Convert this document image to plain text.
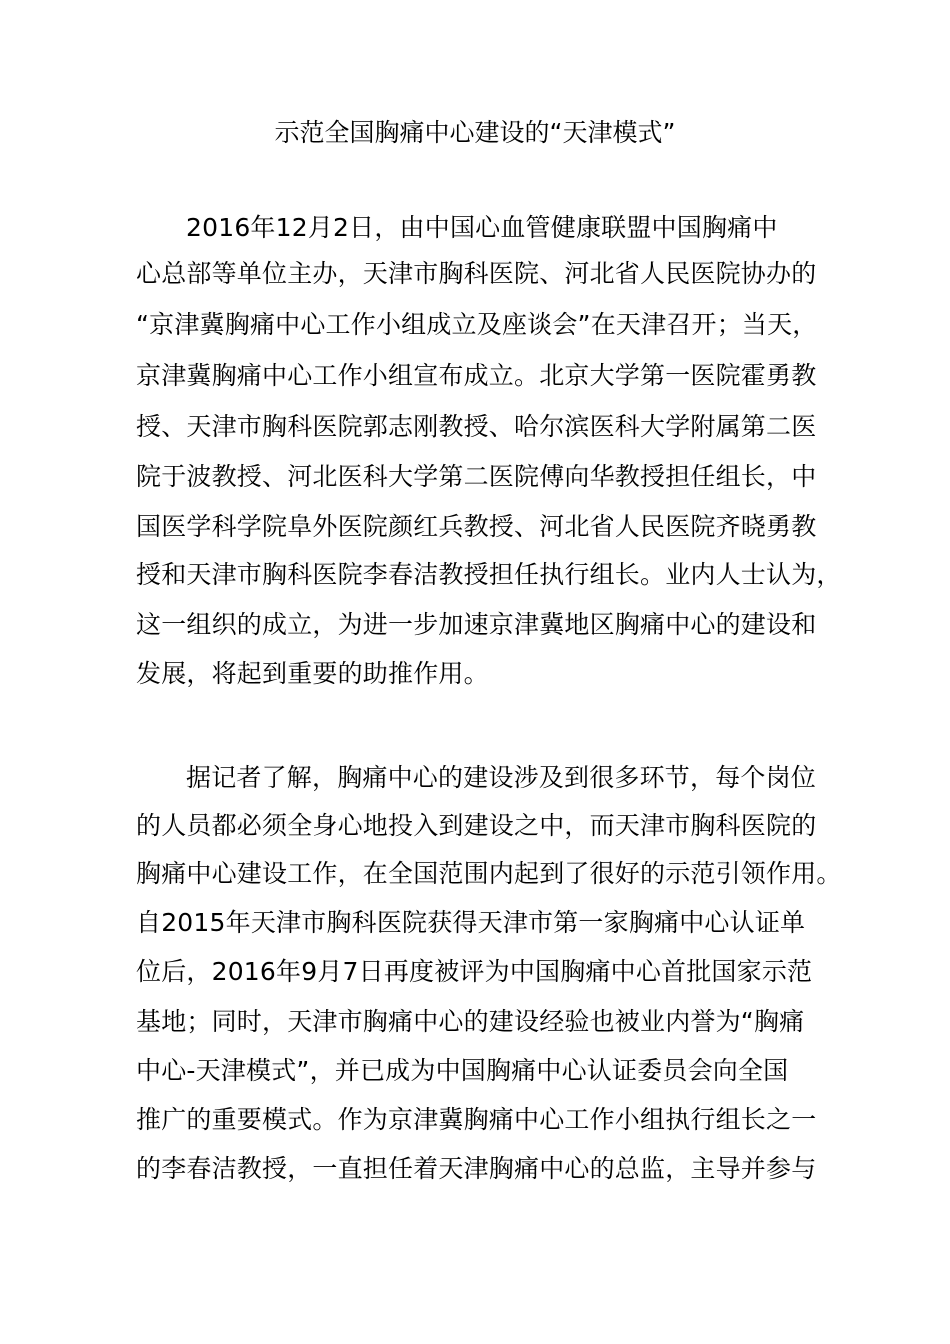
示范全国胸痛中心建设的“天津模式”
2016年12月2日，由中国心血管健康联盟中国胸痛中
心总部等单位主办，天津市胸科医院、河北省人民医院协办的
“京津冀胸痛中心工作小组成立及座谈会”在天津召开；当天，
京津冀胸痛中心工作小组宣布成立。北京大学第一医院霍勇教
授、天津市胸科医院郭志刚教授、哈尔滨医科大学附属第二医
院于波教授、河北医科大学第二医院傅向华教授担任组长，中
国医学科学院阜外医院颜红兵教授、河北省人民医院齐晓勇教
授和天津市胸科医院李春洁教授担任执行组长。业内人士认为，
这一组织的成立，为进一步加速京津冀地区胸痛中心的建设和
发展，将起到重要的助推作用。
据记者了解，胸痛中心的建设涉及到很多环节，每个岗位
的人员都必须全身心地投入到建设之中，而天津市胸科医院的
胸痛中心建设工作，在全国范围内起到了很好的示范引领作用。
自2015年天津市胸科医院获得天津市第一家胸痛中心认证单
位后，2016年9月7日再度被评为中国胸痛中心首批国家示范
基地；同时，天津市胸痛中心的建设经验也被业内誉为“胸痛
中心-天津模式”，并已成为中国胸痛中心认证委员会向全国
推广的重要模式。作为京津冀胸痛中心工作小组执行组长之一
的李春洁教授，一直担任着天津胸痛中心的总监，主导并参与
